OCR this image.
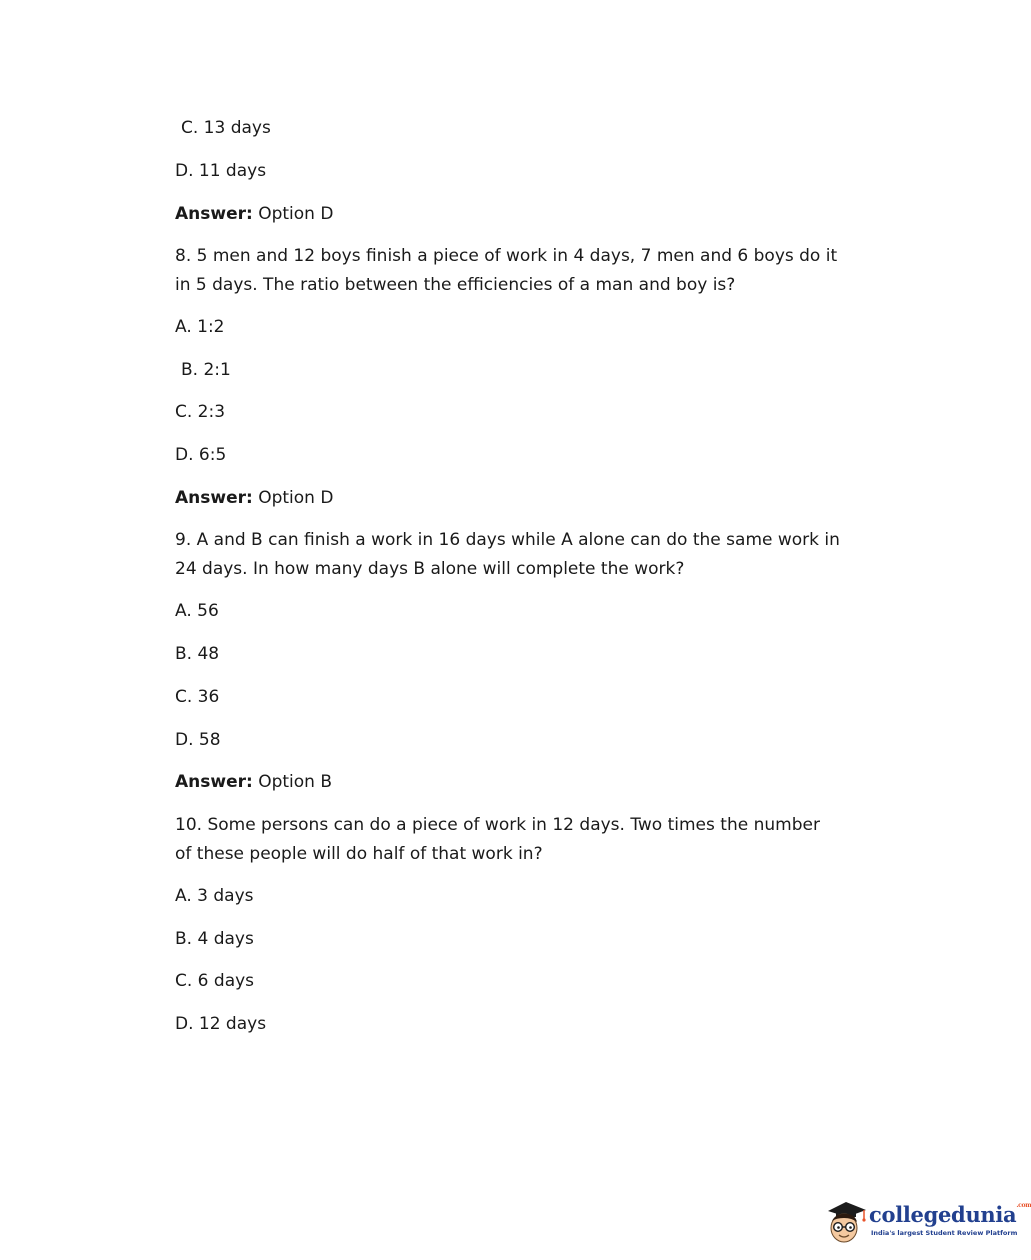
C. 13 days
D. 11 days
Answer: Option D
8. 5 men and 12 boys finish a piece of work in 4 days, 7 men and 6 boys do it in 5 days. The ratio between the efficiencies of a man and boy is?
A. 1:2
B. 2:1
C. 2:3
D. 6:5
Answer: Option D
9. A and B can finish a work in 16 days while A alone can do the same work in 24 days. In how many days B alone will complete the work?
A. 56
B. 48
C. 36
D. 58
Answer: Option B
10. Some persons can do a piece of work in 12 days. Two times the number of these people will do half of that work in?
A. 3 days
B. 4 days
C. 6 days
D. 12 days
collegedunia$^{.com}$
India's largest Student Review Platform
